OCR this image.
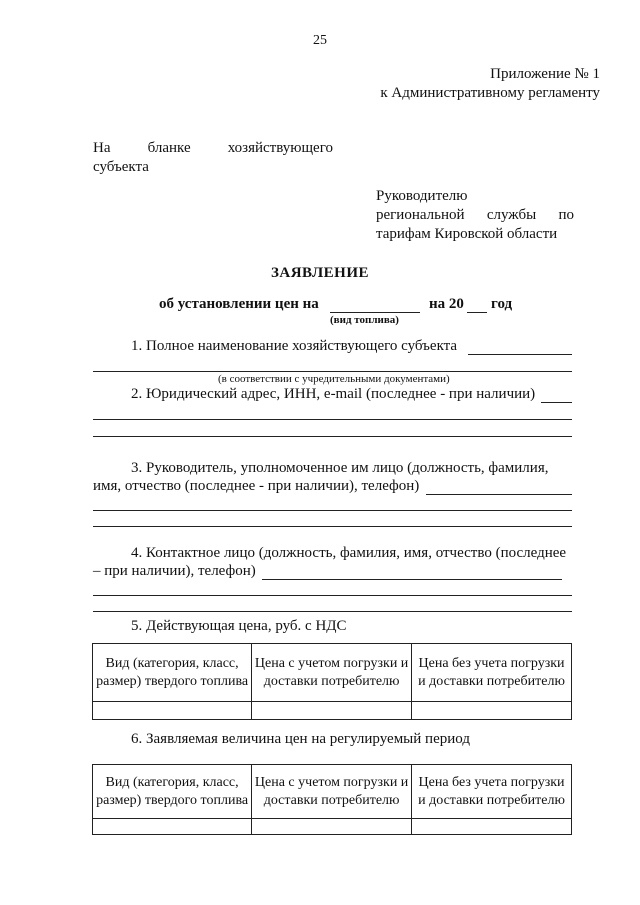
25
Приложение № 1
к Административному регламенту
На бланке хозяйствующего
субъекта
Руководителю
региональной службы по
тарифам Кировской области
ЗАЯВЛЕНИЕ
об установлении цен на	на 20 год
(вид топлива)
1. Полное наименование хозяйствующего субъекта
(в соответствии с учредительными документами)
2. Юридический адрес, ИНН, e-mail (последнее - при наличии)
3. Руководитель, уполномоченное им лицо (должность, фамилия,
имя, отчество (последнее - при наличии), телефон)
4. Контактное лицо (должность, фамилия, имя, отчество (последнее
– при наличии), телефон)
5. Действующая цена, руб. с НДС
Вид (категория, класс, размер) твердого топлива	Цена с учетом погрузки и доставки потребителю	Цена без учета погрузки и доставки потребителю

6. Заявляемая величина цен на регулируемый период
Вид (категория, класс, размер) твердого топлива	Цена с учетом погрузки и доставки потребителю	Цена без учета погрузки и доставки потребителю
